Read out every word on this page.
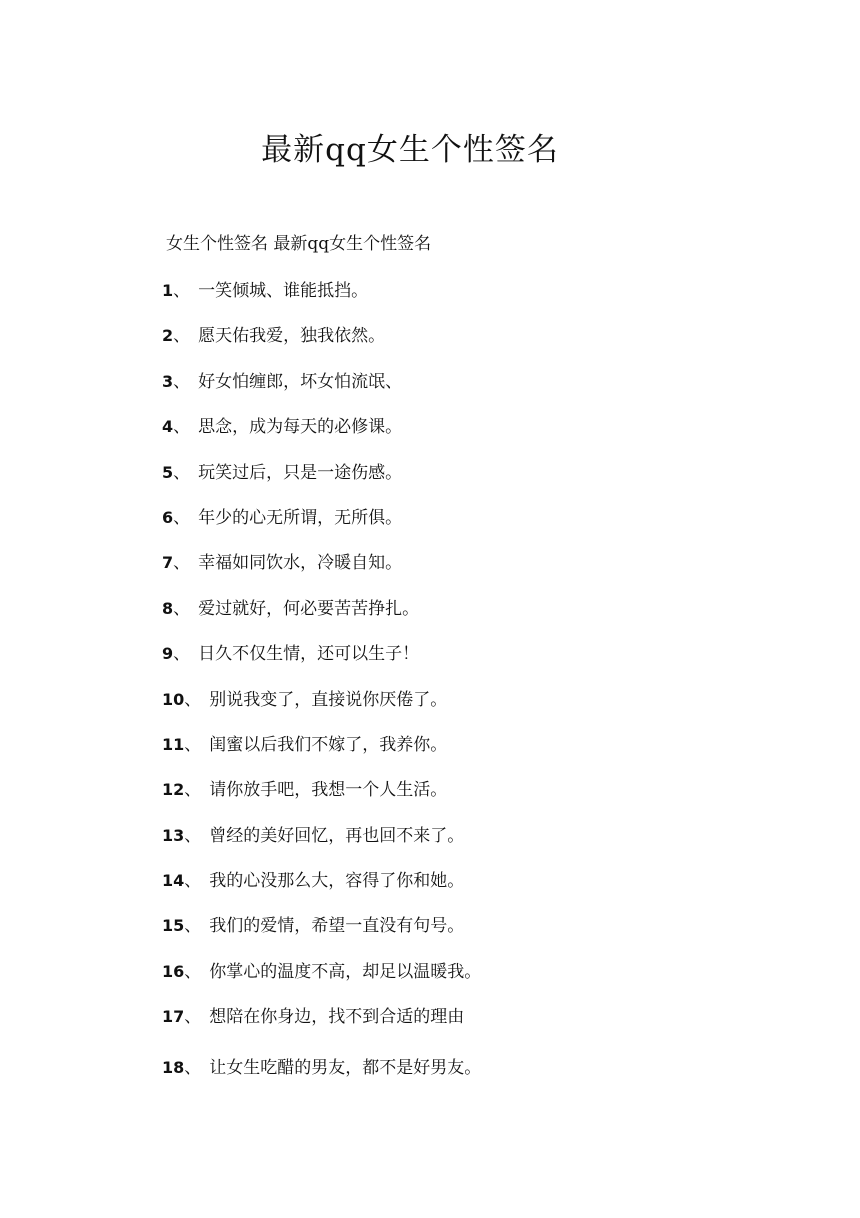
最新qq女生个性签名
女生个性签名 最新qq女生个性签名
1、 一笑倾城、谁能抵挡。
2、 愿天佑我爱，独我依然。
3、 好女怕缠郎，坏女怕流氓、
4、 思念，成为每天的必修课。
5、 玩笑过后，只是一途伤感。
6、 年少的心无所谓，无所俱。
7、 幸福如同饮水，冷暖自知。
8、 爱过就好，何必要苦苦挣扎。
9、 日久不仅生情，还可以生子！
10、 别说我变了，直接说你厌倦了。
11、 闺蜜以后我们不嫁了，我养你。
12、 请你放手吧，我想一个人生活。
13、 曾经的美好回忆，再也回不来了。
14、 我的心没那么大，容得了你和她。
15、 我们的爱情，希望一直没有句号。
16、 你掌心的温度不高，却足以温暖我。
17、 想陪在你身边，找不到合适的理由
18、 让女生吃醋的男友，都不是好男友。
